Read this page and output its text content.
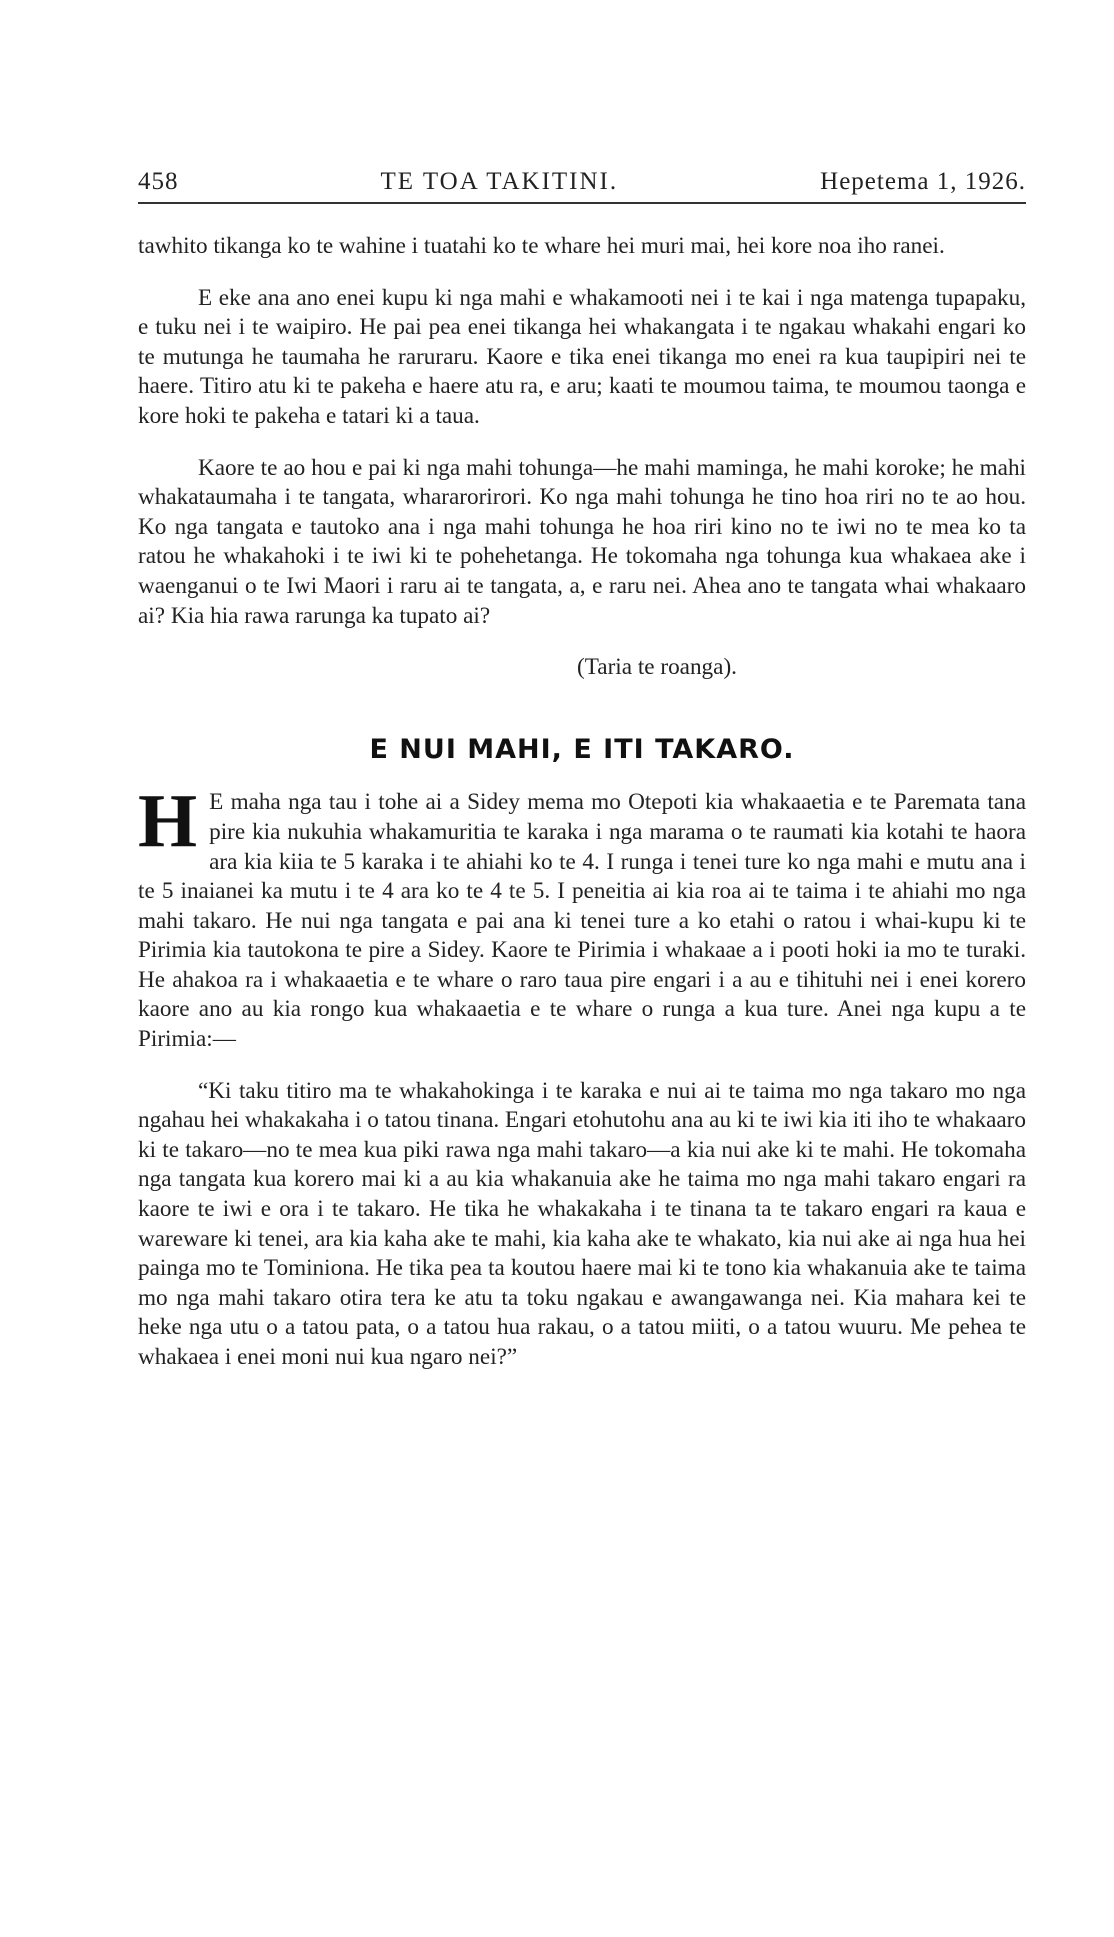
458	TE TOA TAKITINI.	Hepetema 1, 1926.

tawhito tikanga ko te wahine i tuatahi ko te whare hei muri mai, hei kore noa iho ranei.

E eke ana ano enei kupu ki nga mahi e whakamooti nei i te kai i nga matenga tupapaku, e tuku nei i te waipiro. He pai pea enei tikanga hei whakangata i te ngakau whakahi engari ko te mutunga he taumaha he raruraru. Kaore e tika enei tikanga mo enei ra kua taupipiri nei te haere. Titiro atu ki te pakeha e haere atu ra, e aru; kaati te moumou taima, te moumou taonga e kore hoki te pakeha e tatari ki a taua.

Kaore te ao hou e pai ki nga mahi tohunga—he mahi maminga, he mahi koroke; he mahi whakataumaha i te tangata, whararorirori. Ko nga mahi tohunga he tino hoa riri no te ao hou. Ko nga tangata e tautoko ana i nga mahi tohunga he hoa riri kino no te iwi no te mea ko ta ratou he whakahoki i te iwi ki te pohehetanga. He tokomaha nga tohunga kua whakaea ake i waenganui o te Iwi Maori i raru ai te tangata, a, e raru nei. Ahea ano te tangata whai whakaaro ai? Kia hia rawa rarunga ka tupato ai?

(Taria te roanga).

E NUI MAHI, E ITI TAKARO.

H E maha nga tau i tohe ai a Sidey mema mo Otepoti kia whakaaetia e te Paremata tana pire kia nukuhia whakamuritia te karaka i nga marama o te raumati kia kotahi te haora ara kia kiia te 5 karaka i te ahiahi ko te 4. I runga i tenei ture ko nga mahi e mutu ana i te 5 inaianei ka mutu i te 4 ara ko te 4 te 5. I peneitia ai kia roa ai te taima i te ahiahi mo nga mahi takaro. He nui nga tangata e pai ana ki tenei ture a ko etahi o ratou i whai-kupu ki te Pirimia kia tautokona te pire a Sidey. Kaore te Pirimia i whakaae a i pooti hoki ia mo te turaki. He ahakoa ra i whakaaetia e te whare o raro taua pire engari i a au e tihituhi nei i enei korero kaore ano au kia rongo kua whakaaetia e te whare o runga a kua ture. Anei nga kupu a te Pirimia:—

“Ki taku titiro ma te whakahokinga i te karaka e nui ai te taima mo nga takaro mo nga ngahau hei whakakaha i o tatou tinana. Engari etohutohu ana au ki te iwi kia iti iho te whakaaro ki te takaro—no te mea kua piki rawa nga mahi takaro—a kia nui ake ki te mahi. He tokomaha nga tangata kua korero mai ki a au kia whakanuia ake he taima mo nga mahi takaro engari ra kaore te iwi e ora i te takaro. He tika he whakakaha i te tinana ta te takaro engari ra kaua e wareware ki tenei, ara kia kaha ake te mahi, kia kaha ake te whakato, kia nui ake ai nga hua hei painga mo te Tominiona. He tika pea ta koutou haere mai ki te tono kia whakanuia ake te taima mo nga mahi takaro otira tera ke atu ta toku ngakau e awangawanga nei. Kia mahara kei te heke nga utu o a tatou pata, o a tatou hua rakau, o a tatou miiti, o a tatou wuuru. Me pehea te whakaea i enei moni nui kua ngaro nei?”
